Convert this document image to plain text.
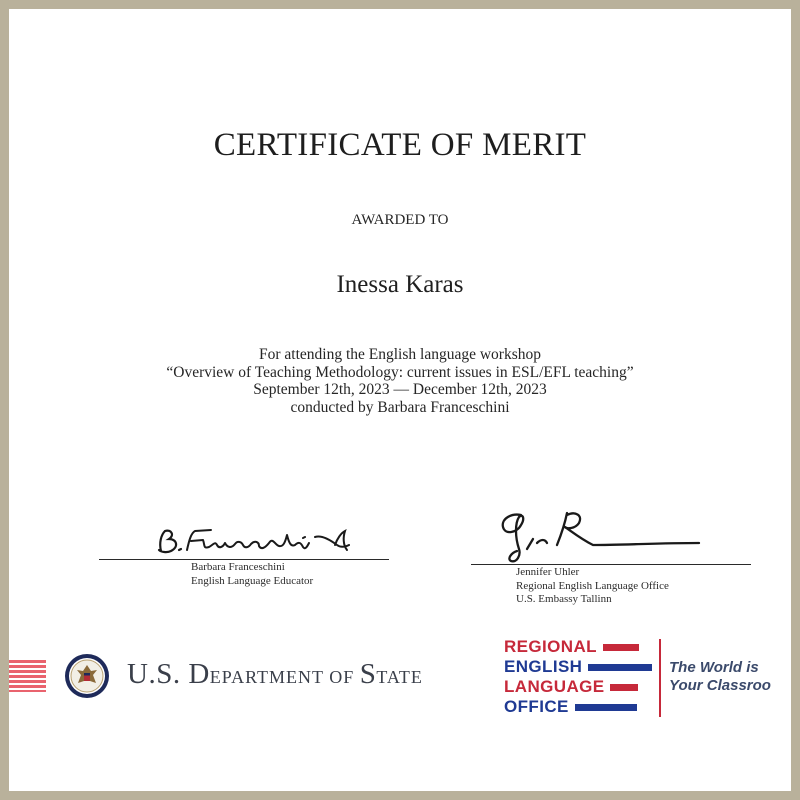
CERTIFICATE OF MERIT
AWARDED TO
Inessa Karas
For attending the English language workshop
“Overview of Teaching Methodology: current issues in ESL/EFL teaching”
September 12th, 2023 — December 12th, 2023
conducted by Barbara Franceschini
Barbara Franceschini
English Language Educator
Jennifer Uhler
Regional English Language Office
U.S. Embassy Tallinn
U.S. DEPARTMENT OF STATE
REGIONAL
ENGLISH
LANGUAGE
OFFICE
The World is
Your Classroo
